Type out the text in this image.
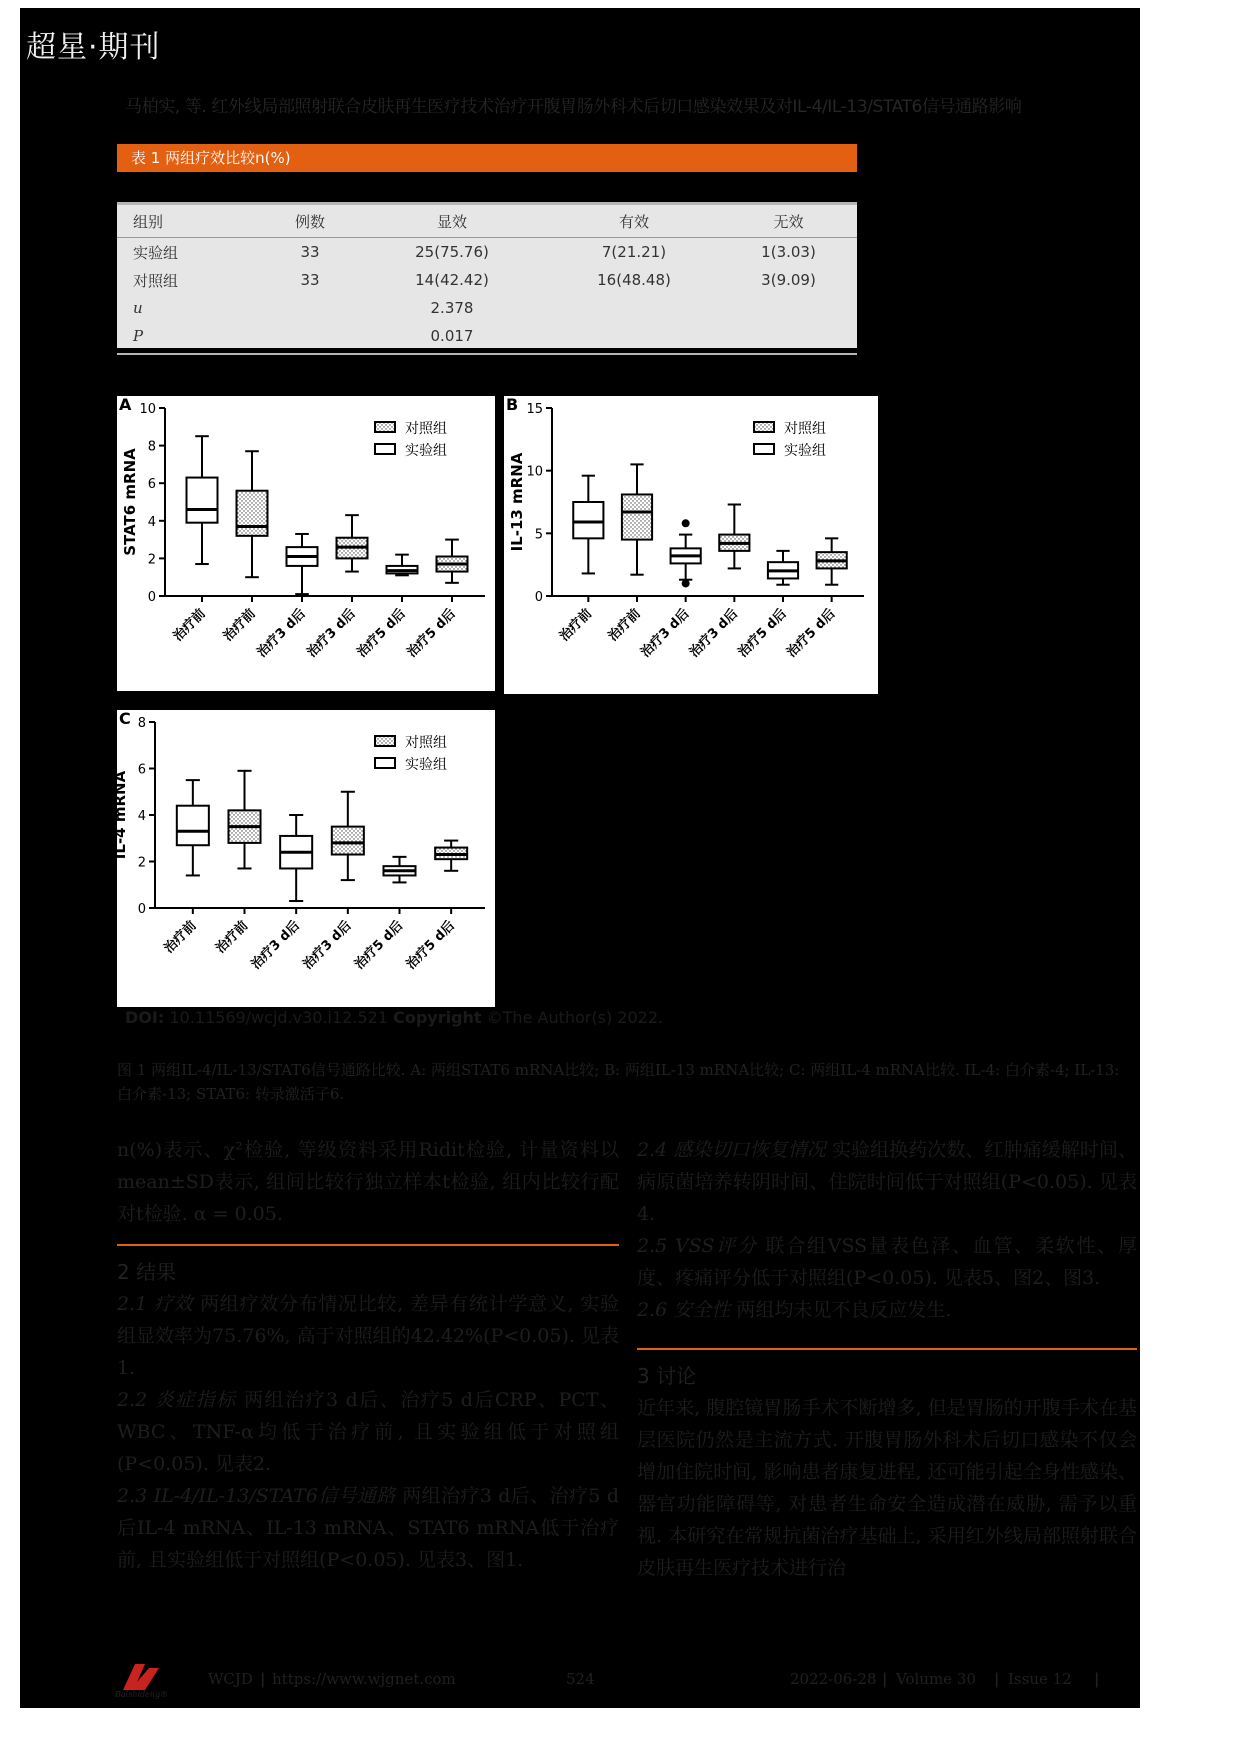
超星·期刊
马柏实, 等. 红外线局部照射联合皮肤再生医疗技术治疗开腹胃肠外科术后切口感染效果及对IL-4/IL-13/STAT6信号通路影响
表 1 两组疗效比较n(%)
组别	例数	显效	有效	无效
实验组	33	25(75.76)	7(21.21)	1(3.03)
对照组	33	14(42.42)	16(48.48)	3(9.09)
u		2.378		
P		0.017		
A
0
2
4
6
8
10
STAT6 mRNA
治疗前 治疗前
治疗3 d后
治疗3 d后
治疗5 d后
治疗5 d后
对照组
实验组
B
0
5
10
15
IL-13 mRNA
治疗前 治疗前
治疗3 d后
治疗3 d后
治疗5 d后
治疗5 d后
对照组
实验组
C
0
2
4
6
8
IL-4 mRNA
治疗前 治疗前
治疗3 d后
治疗3 d后
治疗5 d后
治疗5 d后
对照组
实验组
DOI: 10.11569/wcjd.v30.i12.521 Copyright ©The Author(s) 2022.
图 1 两组IL-4/IL-13/STAT6信号通路比较. A: 两组STAT6 mRNA比较; B: 两组IL-13 mRNA比较; C: 两组IL-4 mRNA比较. IL-4: 白介素-4; IL-13: 白介素-13; STAT6: 转录激活子6.

n(%)表示、χ²检验, 等级资料采用Ridit检验, 计量资料以mean±SD表示, 组间比较行独立样本t检验, 组内比较行配对t检验. α = 0.05.

2 结果

2.1 疗效 两组疗效分布情况比较, 差异有统计学意义, 实验组显效率为75.76%, 高于对照组的42.42%(P<0.05). 见表1.

2.2 炎症指标 两组治疗3 d后、治疗5 d后CRP、PCT、WBC、TNF-α均低于治疗前, 且实验组低于对照组(P<0.05). 见表2.

2.3 IL-4/IL-13/STAT6信号通路 两组治疗3 d后、治疗5 d后IL-4 mRNA、IL-13 mRNA、STAT6 mRNA低于治疗前, 且实验组低于对照组(P<0.05). 见表3、图1.

2.4 感染切口恢复情况 实验组换药次数、红肿痛缓解时间、病原菌培养转阴时间、住院时间低于对照组(P<0.05). 见表4.

2.5 VSS评分 联合组VSS量表色泽、血管、柔软性、厚度、疼痛评分低于对照组(P<0.05). 见表5、图2、图3.

2.6 安全性 两组均未见不良反应发生.

3 讨论

近年来, 腹腔镜胃肠手术不断增多, 但是胃肠的开腹手术在基层医院仍然是主流方式. 开腹胃肠外科术后切口感染不仅会增加住院时间, 影响患者康复进程, 还可能引起全身性感染、器官功能障碍等, 对患者生命安全造成潜在威胁, 需予以重视. 本研究在常规抗菌治疗基础上, 采用红外线局部照射联合皮肤再生医疗技术进行治

Baishideng®
WCJD | https://www.wjgnet.com	524	2022-06-28 | Volume 30 | Issue 12 |
